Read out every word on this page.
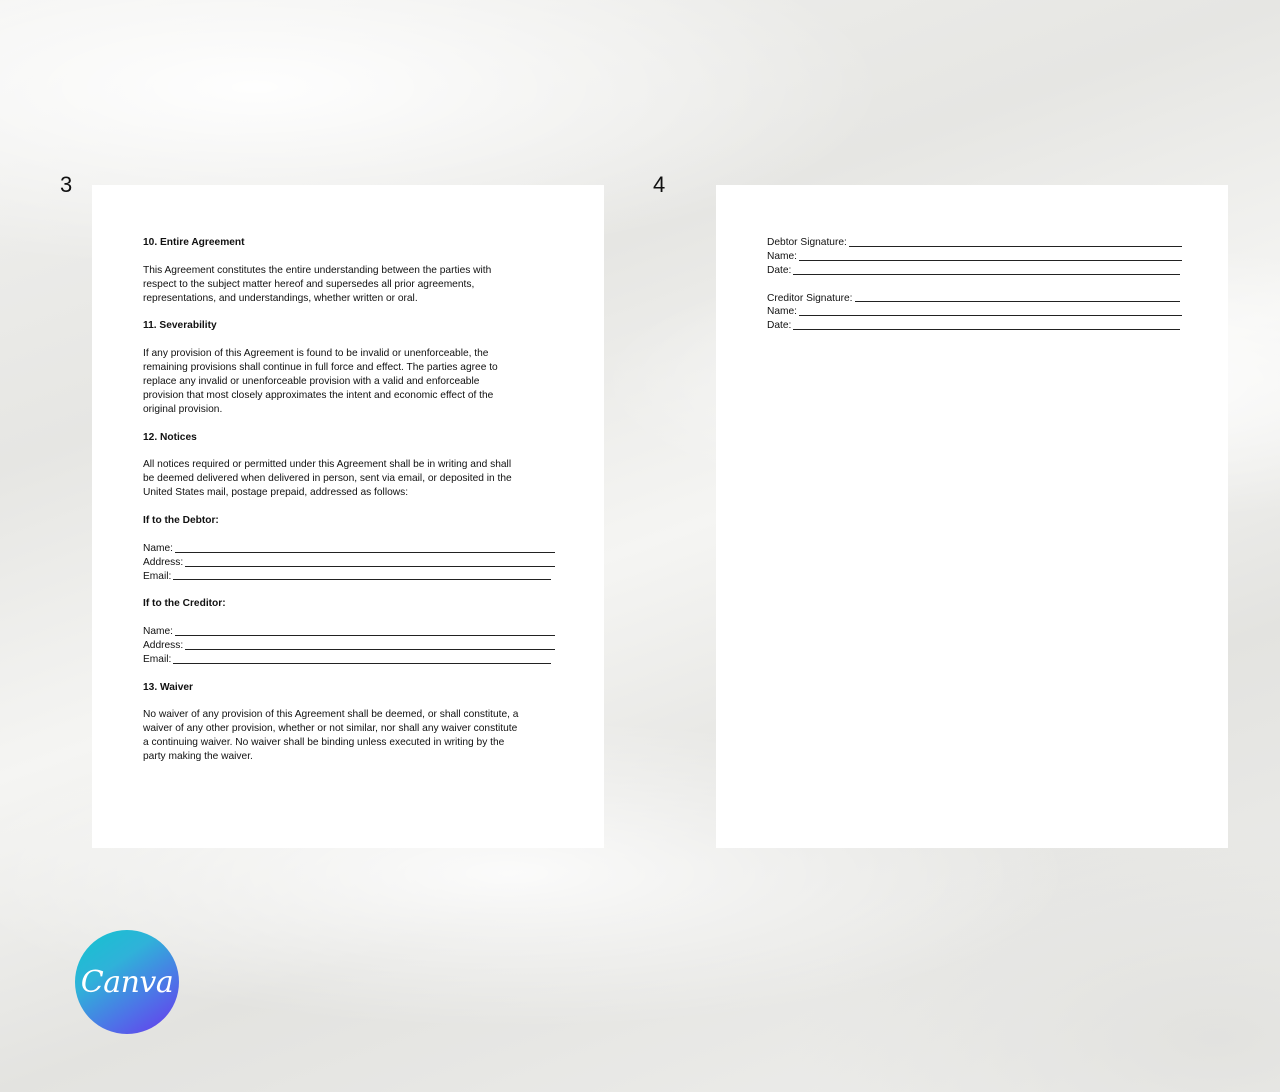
3	4

10. Entire Agreement

This Agreement constitutes the entire understanding between the parties with
respect to the subject matter hereof and supersedes all prior agreements,
representations, and understandings, whether written or oral.

11. Severability

If any provision of this Agreement is found to be invalid or unenforceable, the
remaining provisions shall continue in full force and effect. The parties agree to
replace any invalid or unenforceable provision with a valid and enforceable
provision that most closely approximates the intent and economic effect of the
original provision.

12. Notices

All notices required or permitted under this Agreement shall be in writing and shall
be deemed delivered when delivered in person, sent via email, or deposited in the
United States mail, postage prepaid, addressed as follows:

If to the Debtor:

Name:
Address:
Email:

If to the Creditor:

Name:
Address:
Email:

13. Waiver

No waiver of any provision of this Agreement shall be deemed, or shall constitute, a
waiver of any other provision, whether or not similar, nor shall any waiver constitute
a continuing waiver. No waiver shall be binding unless executed in writing by the
party making the waiver.
Debtor Signature:
Name:
Date:
Creditor Signature:
Name:
Date:
Canva
